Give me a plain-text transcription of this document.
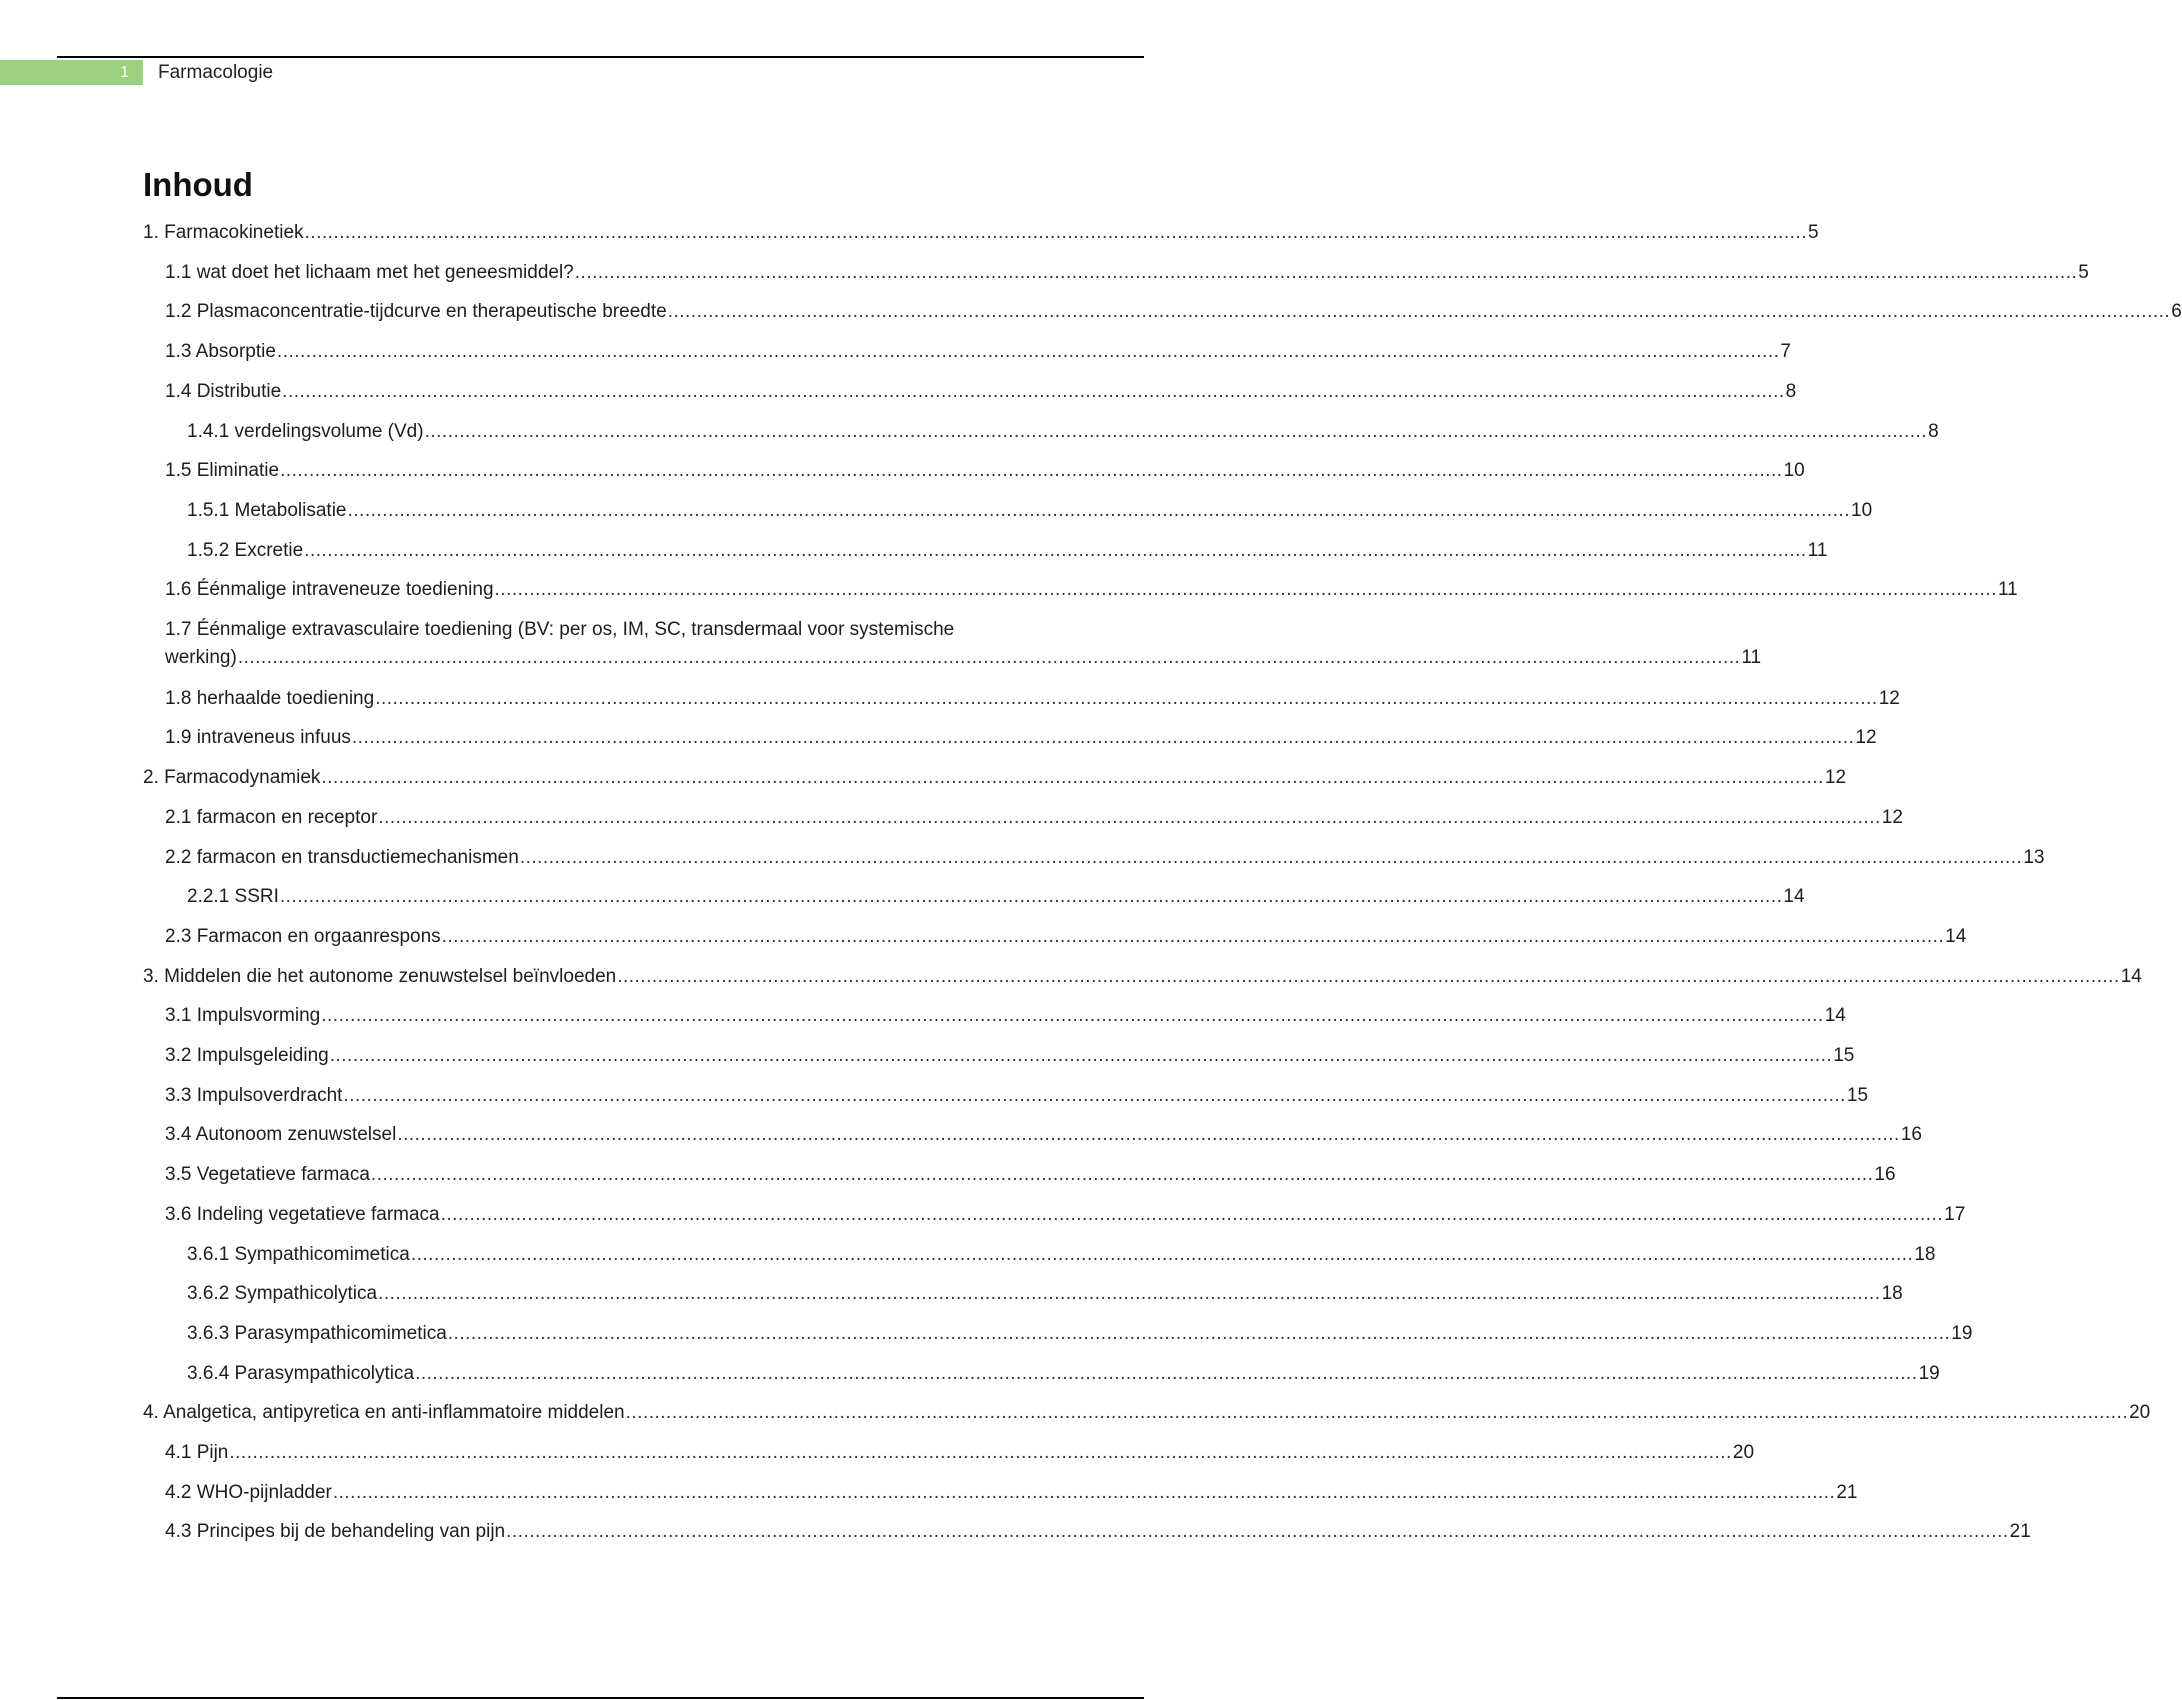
1	Farmacologie
Inhoud
1. Farmacokinetiek .................................................................................................................................................................................................................................................................... 5
1.1 wat doet het lichaam met het geneesmiddel? .................................................................................................................................................................................................................................................................... 5
1.2 Plasmaconcentratie-tijdcurve en therapeutische breedte .................................................................................................................................................................................................................................................................... 6
1.3 Absorptie .................................................................................................................................................................................................................................................................... 7
1.4 Distributie .................................................................................................................................................................................................................................................................... 8
1.4.1 verdelingsvolume (Vd) .................................................................................................................................................................................................................................................................... 8
1.5 Eliminatie .................................................................................................................................................................................................................................................................... 10
1.5.1 Metabolisatie .................................................................................................................................................................................................................................................................... 10
1.5.2 Excretie .................................................................................................................................................................................................................................................................... 11
1.6 Éénmalige intraveneuze toediening .................................................................................................................................................................................................................................................................... 11
1.7 Éénmalige extravasculaire toediening (BV: per os, IM, SC, transdermaal voor systemische
werking) .................................................................................................................................................................................................................................................................... 11
1.8 herhaalde toediening .................................................................................................................................................................................................................................................................... 12
1.9 intraveneus infuus .................................................................................................................................................................................................................................................................... 12
2. Farmacodynamiek .................................................................................................................................................................................................................................................................... 12
2.1 farmacon en receptor .................................................................................................................................................................................................................................................................... 12
2.2 farmacon en transductiemechanismen .................................................................................................................................................................................................................................................................... 13
2.2.1 SSRI .................................................................................................................................................................................................................................................................... 14
2.3 Farmacon en orgaanrespons .................................................................................................................................................................................................................................................................... 14
3. Middelen die het autonome zenuwstelsel beïnvloeden .................................................................................................................................................................................................................................................................... 14
3.1 Impulsvorming .................................................................................................................................................................................................................................................................... 14
3.2 Impulsgeleiding .................................................................................................................................................................................................................................................................... 15
3.3 Impulsoverdracht .................................................................................................................................................................................................................................................................... 15
3.4 Autonoom zenuwstelsel .................................................................................................................................................................................................................................................................... 16
3.5 Vegetatieve farmaca .................................................................................................................................................................................................................................................................... 16
3.6 Indeling vegetatieve farmaca .................................................................................................................................................................................................................................................................... 17
3.6.1 Sympathicomimetica .................................................................................................................................................................................................................................................................... 18
3.6.2 Sympathicolytica .................................................................................................................................................................................................................................................................... 18
3.6.3 Parasympathicomimetica .................................................................................................................................................................................................................................................................... 19
3.6.4 Parasympathicolytica .................................................................................................................................................................................................................................................................... 19
4. Analgetica, antipyretica en anti-inflammatoire middelen .................................................................................................................................................................................................................................................................... 20
4.1 Pijn .................................................................................................................................................................................................................................................................... 20
4.2 WHO-pijnladder .................................................................................................................................................................................................................................................................... 21
4.3 Principes bij de behandeling van pijn .................................................................................................................................................................................................................................................................... 21
